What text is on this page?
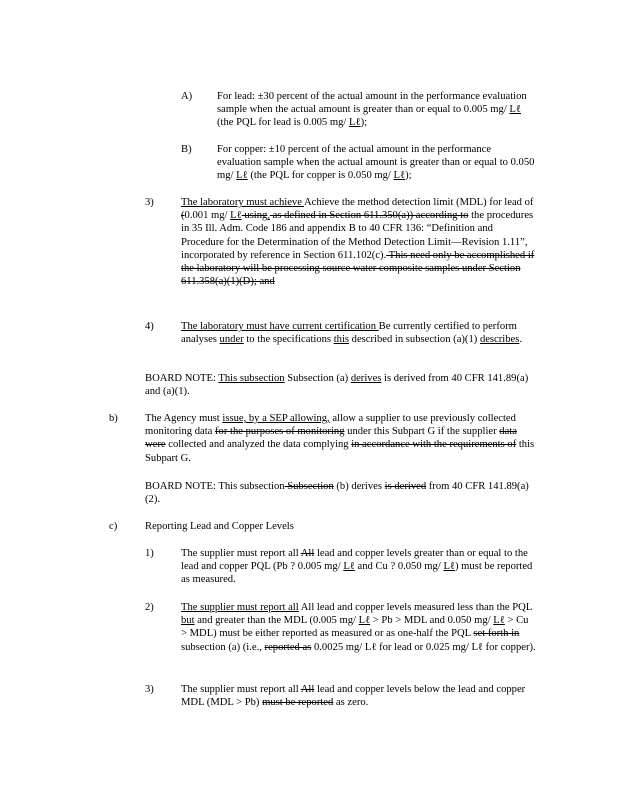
A) For lead: ±30 percent of the actual amount in the performance evaluation sample when the actual amount is greater than or equal to 0.005 mg/ Lℓ (the PQL for lead is 0.005 mg/ Lℓ);
B) For copper: ±10 percent of the actual amount in the performance evaluation sample when the actual amount is greater than or equal to 0.050 mg/ Lℓ (the PQL for copper is 0.050 mg/ Lℓ);
3)	The laboratory must achieve Achieve the method detection limit (MDL) for lead of (0.001 mg/ Lℓ using, as defined in Section 611.350(a)) according to the procedures in 35 Ill. Adm. Code 186 and appendix B to 40 CFR 136: “Definition and Procedure for the Determination of the Method Detection Limit—Revision 1.11”, incorporated by reference in Section 611.102(c). This need only be accomplished if the laboratory will be processing source water composite samples under Section 611.358(a)(1)(D); and
4)	The laboratory must have current certification Be currently certified to perform analyses under to the specifications this described in subsection (a)(1) describes.
BOARD NOTE: This subsection Subsection (a) derives is derived from 40 CFR 141.89(a) and (a)(1).
b)	The Agency must issue, by a SEP allowing, allow a supplier to use previously collected monitoring data for the purposes of monitoring under this Subpart G if the supplier data were collected and analyzed the data complying in accordance with the requirements of this Subpart G.
BOARD NOTE: This subsection Subsection (b) derives is derived from 40 CFR 141.89(a)(2).
c)	Reporting Lead and Copper Levels
1)	The supplier must report all All lead and copper levels greater than or equal to the lead and copper PQL (Pb ? 0.005 mg/ Lℓ and Cu ? 0.050 mg/ Lℓ) must be reported as measured.
2)	The supplier must report all All lead and copper levels measured less than the PQL but and greater than the MDL (0.005 mg/ Lℓ > Pb > MDL and 0.050 mg/ Lℓ > Cu > MDL) must be either reported as measured or as one-half the PQL set forth in subsection (a) (i.e., reported as 0.0025 mg/ Lℓ for lead or 0.025 mg/ Lℓ for copper).
3)	The supplier must report all All lead and copper levels below the lead and copper MDL (MDL > Pb) must be reported as zero.
